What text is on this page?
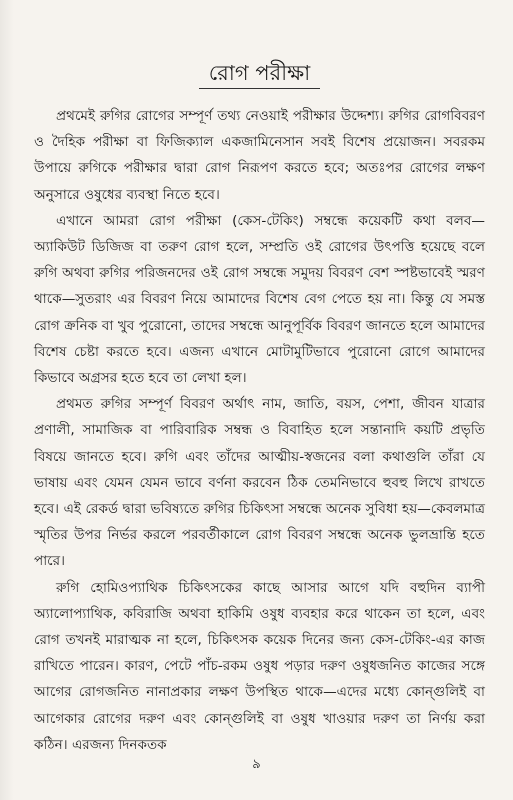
রোগ পরীক্ষা

প্রথমেই রুগির রোগের সম্পূর্ণ তথ্য নেওয়াই পরীক্ষার উদ্দেশ্য। রুগির রোগবিবরণ ও দৈহিক পরীক্ষা বা ফিজিক্যাল একজামিনেসান সবই বিশেষ প্রয়োজন। সবরকম উপায়ে রুগিকে পরীক্ষার দ্বারা রোগ নিরূপণ করতে হবে; অতঃপর রোগের লক্ষণ অনুসারে ওষুধের ব্যবস্থা নিতে হবে।

এখানে আমরা রোগ পরীক্ষা (কেস-টেকিং) সম্বন্ধে কয়েকটি কথা বলব— অ্যাকিউট ডিজিজ বা তরুণ রোগ হলে, সম্প্রতি ওই রোগের উৎপত্তি হয়েছে বলে রুগি অথবা রুগির পরিজনদের ওই রোগ সম্বন্ধে সমুদয় বিবরণ বেশ স্পষ্টভাবেই স্মরণ থাকে—সুতরাং এর বিবরণ নিয়ে আমাদের বিশেষ বেগ পেতে হয় না। কিন্তু যে সমস্ত রোগ ক্রনিক বা খুব পুরোনো, তাদের সম্বন্ধে আনুপূর্বিক বিবরণ জানতে হলে আমাদের বিশেষ চেষ্টা করতে হবে। এজন্য এখানে মোটামুটিভাবে পুরোনো রোগে আমাদের কিভাবে অগ্রসর হতে হবে তা লেখা হল।

প্রথমত রুগির সম্পূর্ণ বিবরণ অর্থাৎ নাম, জাতি, বয়স, পেশা, জীবন যাত্রার প্রণালী, সামাজিক বা পারিবারিক সম্বন্ধ ও বিবাহিত হলে সন্তানাদি কয়টি প্রভৃতি বিষয়ে জানতে হবে। রুগি এবং তাঁদের আত্মীয়-স্বজনের বলা কথাগুলি তাঁরা যে ভাষায় এবং যেমন যেমন ভাবে বর্ণনা করবেন ঠিক তেমনিভাবে হুবহু লিখে রাখতে হবে। এই রেকর্ড দ্বারা ভবিষ্যতে রুগির চিকিৎসা সম্বন্ধে অনেক সুবিধা হয়—কেবলমাত্র স্মৃতির উপর নির্ভর করলে পরবর্তীকালে রোগ বিবরণ সম্বন্ধে অনেক ভুলভ্রান্তি হতে পারে।

রুগি হোমিওপ্যাথিক চিকিৎসকের কাছে আসার আগে যদি বহুদিন ব্যাপী অ্যালোপ্যাথিক, কবিরাজি অথবা হাকিমি ওষুধ ব্যবহার করে থাকেন তা হলে, এবং রোগ তখনই মারাত্মক না হলে, চিকিৎসক কয়েক দিনের জন্য কেস-টেকিং-এর কাজ রাখিতে পারেন। কারণ, পেটে পাঁচ-রকম ওষুধ পড়ার দরুণ ওষুধজনিত কাজের সঙ্গে আগের রোগজনিত নানাপ্রকার লক্ষণ উপস্থিত থাকে—এদের মধ্যে কোন্‌গুলিই বা আগেকার রোগের দরুণ এবং কোন্‌গুলিই বা ওষুধ খাওয়ার দরুণ তা নির্ণয় করা কঠিন। এরজন্য দিনকতক

৯
